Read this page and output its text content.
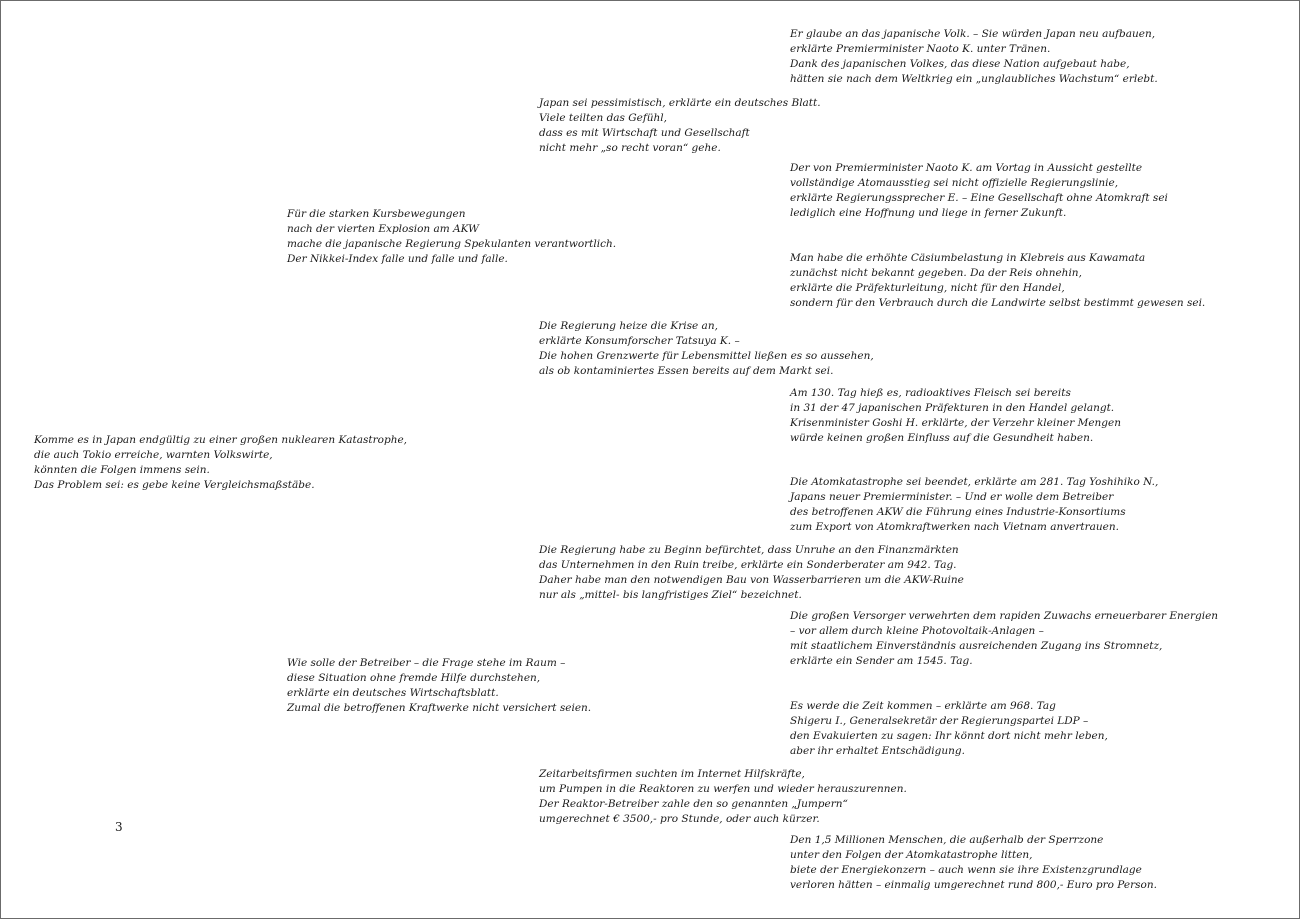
Komme es in Japan endgültig zu einer großen nuklearen Katastrophe,
die auch Tokio erreiche, warnten Volkswirte,
könnten die Folgen immens sein.
Das Problem sei: es gebe keine Vergleichsmaßstäbe.
Für die starken Kursbewegungen
nach der vierten Explosion am AKW
mache die japanische Regierung Spekulanten verantwortlich.
Der Nikkei-Index falle und falle und falle.
Wie solle der Betreiber – die Frage stehe im Raum –
diese Situation ohne fremde Hilfe durchstehen,
erklärte ein deutsches Wirtschaftsblatt.
Zumal die betroffenen Kraftwerke nicht versichert seien.
Japan sei pessimistisch, erklärte ein deutsches Blatt.
Viele teilten das Gefühl,
dass es mit Wirtschaft und Gesellschaft
nicht mehr „so recht voran“ gehe.
Die Regierung heize die Krise an,
erklärte Konsumforscher Tatsuya K. –
Die hohen Grenzwerte für Lebensmittel ließen es so aussehen,
als ob kontaminiertes Essen bereits auf dem Markt sei.
Die Regierung habe zu Beginn befürchtet, dass Unruhe an den Finanzmärkten
das Unternehmen in den Ruin treibe, erklärte ein Sonderberater am 942. Tag.
Daher habe man den notwendigen Bau von Wasserbarrieren um die AKW-Ruine
nur als „mittel- bis langfristiges Ziel“ bezeichnet.
Zeitarbeitsfirmen suchten im Internet Hilfskräfte,
um Pumpen in die Reaktoren zu werfen und wieder herauszurennen.
Der Reaktor-Betreiber zahle den so genannten „Jumpern“
umgerechnet € 3500,- pro Stunde, oder auch kürzer.
Er glaube an das japanische Volk. – Sie würden Japan neu aufbauen,
erklärte Premierminister Naoto K. unter Tränen.
Dank des japanischen Volkes, das diese Nation aufgebaut habe,
hätten sie nach dem Weltkrieg ein „unglaubliches Wachstum“ erlebt.
Der von Premierminister Naoto K. am Vortag in Aussicht gestellte
vollständige Atomausstieg sei nicht offizielle Regierungslinie,
erklärte Regierungssprecher E. – Eine Gesellschaft ohne Atomkraft sei
lediglich eine Hoffnung und liege in ferner Zukunft.
Man habe die erhöhte Cäsiumbelastung in Klebreis aus Kawamata
zunächst nicht bekannt gegeben. Da der Reis ohnehin,
erklärte die Präfekturleitung, nicht für den Handel,
sondern für den Verbrauch durch die Landwirte selbst bestimmt gewesen sei.
Am 130. Tag hieß es, radioaktives Fleisch sei bereits
in 31 der 47 japanischen Präfekturen in den Handel gelangt.
Krisenminister Goshi H. erklärte, der Verzehr kleiner Mengen
würde keinen großen Einfluss auf die Gesundheit haben.
Die Atomkatastrophe sei beendet, erklärte am 281. Tag Yoshihiko N.,
Japans neuer Premierminister. – Und er wolle dem Betreiber
des betroffenen AKW die Führung eines Industrie-Konsortiums
zum Export von Atomkraftwerken nach Vietnam anvertrauen.
Die großen Versorger verwehrten dem rapiden Zuwachs erneuerbarer Energien
– vor allem durch kleine Photovoltaik-Anlagen –
mit staatlichem Einverständnis ausreichenden Zugang ins Stromnetz,
erklärte ein Sender am 1545. Tag.
Es werde die Zeit kommen – erklärte am 968. Tag
Shigeru I., Generalsekretär der Regierungspartei LDP –
den Evakuierten zu sagen: Ihr könnt dort nicht mehr leben,
aber ihr erhaltet Entschädigung.
Den 1,5 Millionen Menschen, die außerhalb der Sperrzone
unter den Folgen der Atomkatastrophe litten,
biete der Energiekonzern – auch wenn sie ihre Existenzgrundlage
verloren hätten – einmalig umgerechnet rund 800,- Euro pro Person.
3
